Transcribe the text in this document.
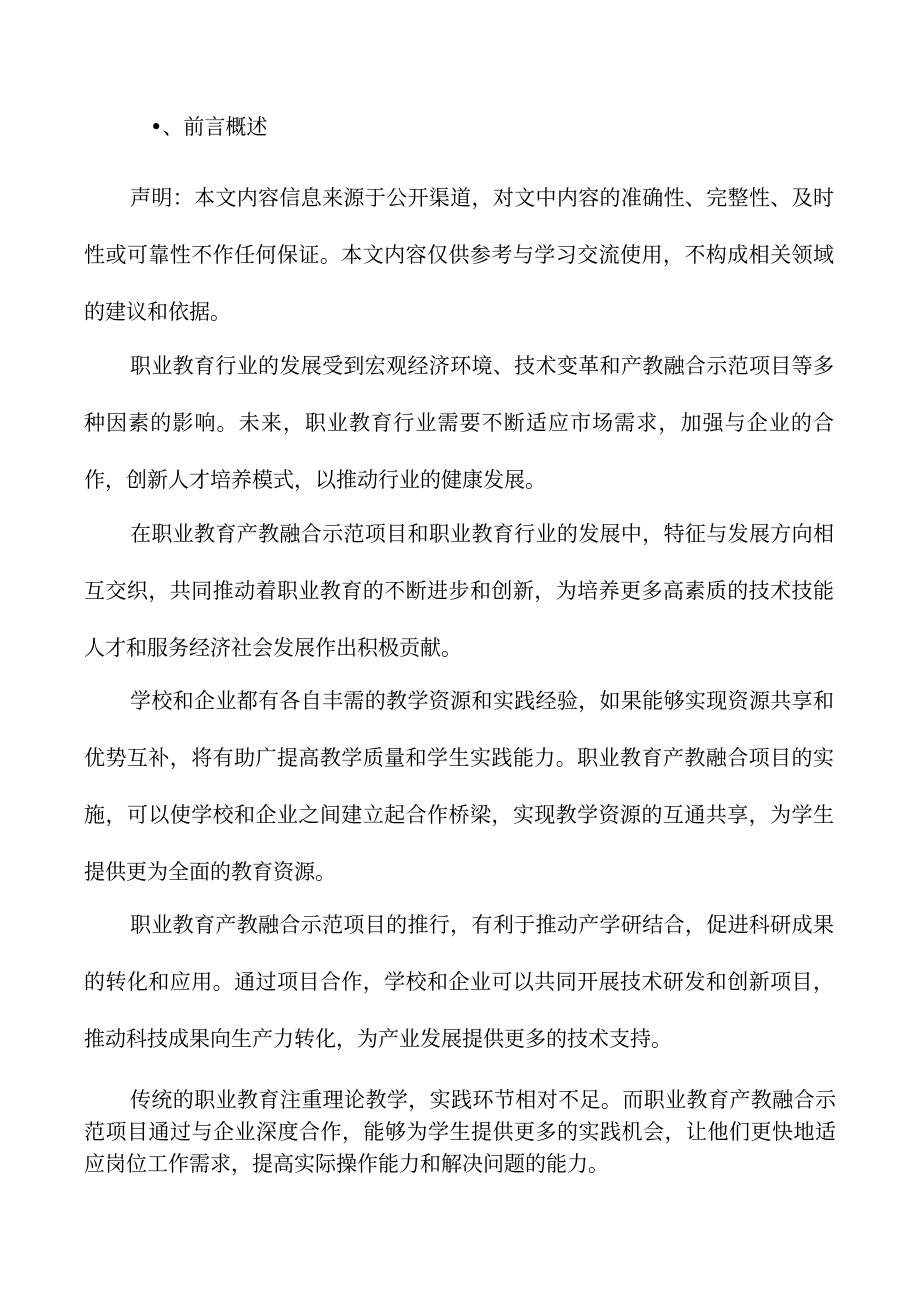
•、前言概述

声明：本文内容信息来源于公开渠道，对文中内容的准确性、完整性、及时性或可靠性不作任何保证。本文内容仅供参考与学习交流使用，不构成相关领域的建议和依据。

职业教育行业的发展受到宏观经济环境、技术变革和产教融合示范项目等多种因素的影响。未来，职业教育行业需要不断适应市场需求，加强与企业的合作，创新人才培养模式，以推动行业的健康发展。

在职业教育产教融合示范项目和职业教育行业的发展中，特征与发展方向相互交织，共同推动着职业教育的不断进步和创新，为培养更多高素质的技术技能人才和服务经济社会发展作出积极贡献。

学校和企业都有各自丰需的教学资源和实践经验，如果能够实现资源共享和优势互补，将有助广提高教学质量和学生实践能力。职业教育产教融合项目的实施，可以使学校和企业之间建立起合作桥梁，实现教学资源的互通共享，为学生提供更为全面的教育资源。

职业教育产教融合示范项目的推行，有利于推动产学研结合，促进科研成果的转化和应用。通过项目合作，学校和企业可以共同开展技术研发和创新项目，推动科技成果向生产力转化，为产业发展提供更多的技术支持。

传统的职业教育注重理论教学，实践环节相对不足。而职业教育产教融合示范项目通过与企业深度合作，能够为学生提供更多的实践机会，让他们更快地适应岗位工作需求，提高实际操作能力和解决问题的能力。
